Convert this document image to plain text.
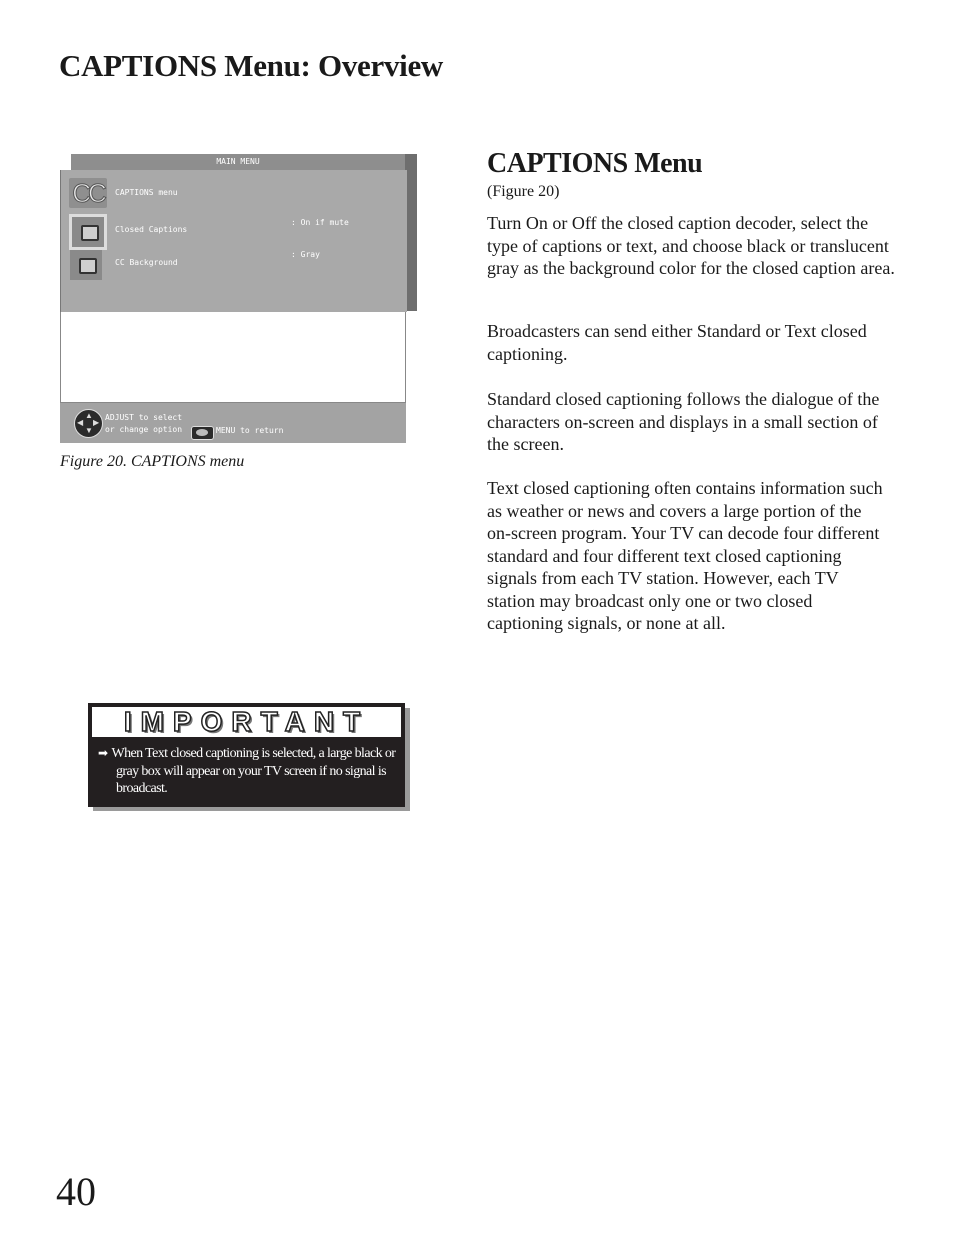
CAPTIONS Menu: Overview
MAIN MENU
CC	CAPTIONS menu
Closed Captions
: On if mute
CC Background
: Gray
▲
▼
◀ ▶
ADJUST to select
or change option	MENU to return
Figure 20. CAPTIONS menu
CAPTIONS Menu
(Figure 20)
Turn On or Off the closed caption decoder, select the type of captions or text, and choose black or translucent gray as the background color for the closed caption area.
Broadcasters can send either Standard or Text closed captioning.
Standard closed captioning follows the dialogue of the characters on-screen and displays in a small section of the screen.
Text closed captioning often contains information such as weather or news and covers a large portion of the on-screen program. Your TV can decode four different standard and four different text closed captioning signals from each TV station. However, each TV station may broadcast only one or two closed captioning signals, or none at all.
IMPORTANT
➡ When Text closed captioning is selected, a large black or gray box will appear on your TV screen if no signal is broadcast.
40
